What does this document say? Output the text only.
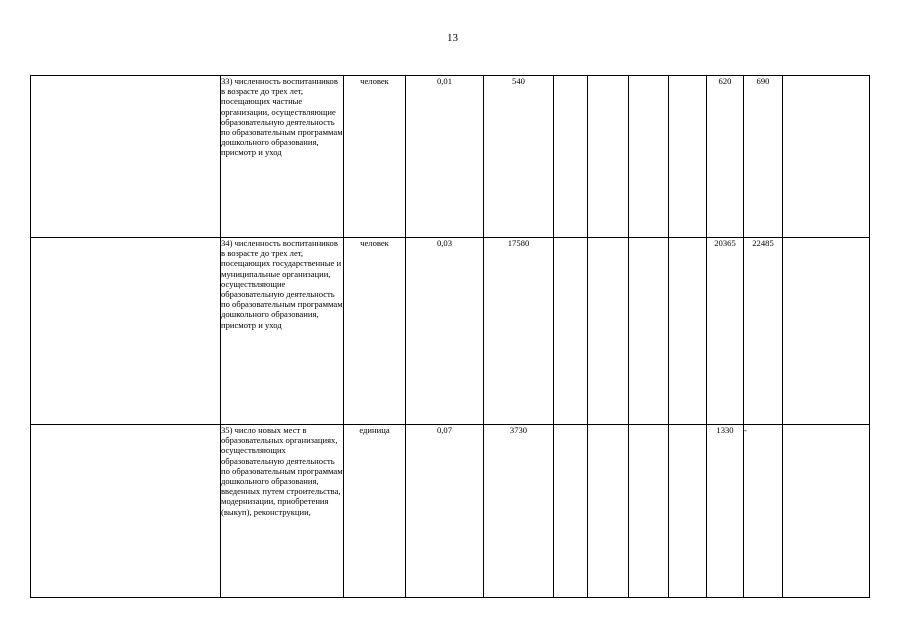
13
	33) численность воспитанников в возрасте до трех лет, посещающих частные организации, осуществляющие образовательную деятельность по образовательным программам дошкольного образования, присмотр и уход	человек	0,01	540					620	690	
	34) численность воспитанников в возрасте до трех лет, посещающих государственные и муниципальные организации, осуществляющие образовательную деятельность по образовательным программам дошкольного образования, присмотр и уход	человек	0,03	17580					20365	22485	
	35) число новых мест в образовательных организациях, осуществляющих образовательную деятельность по образовательным программам дошкольного образования, введенных путем строительства, модернизации, приобретения (выкуп), реконструкции,	единица	0,07	3730					1330	-	
